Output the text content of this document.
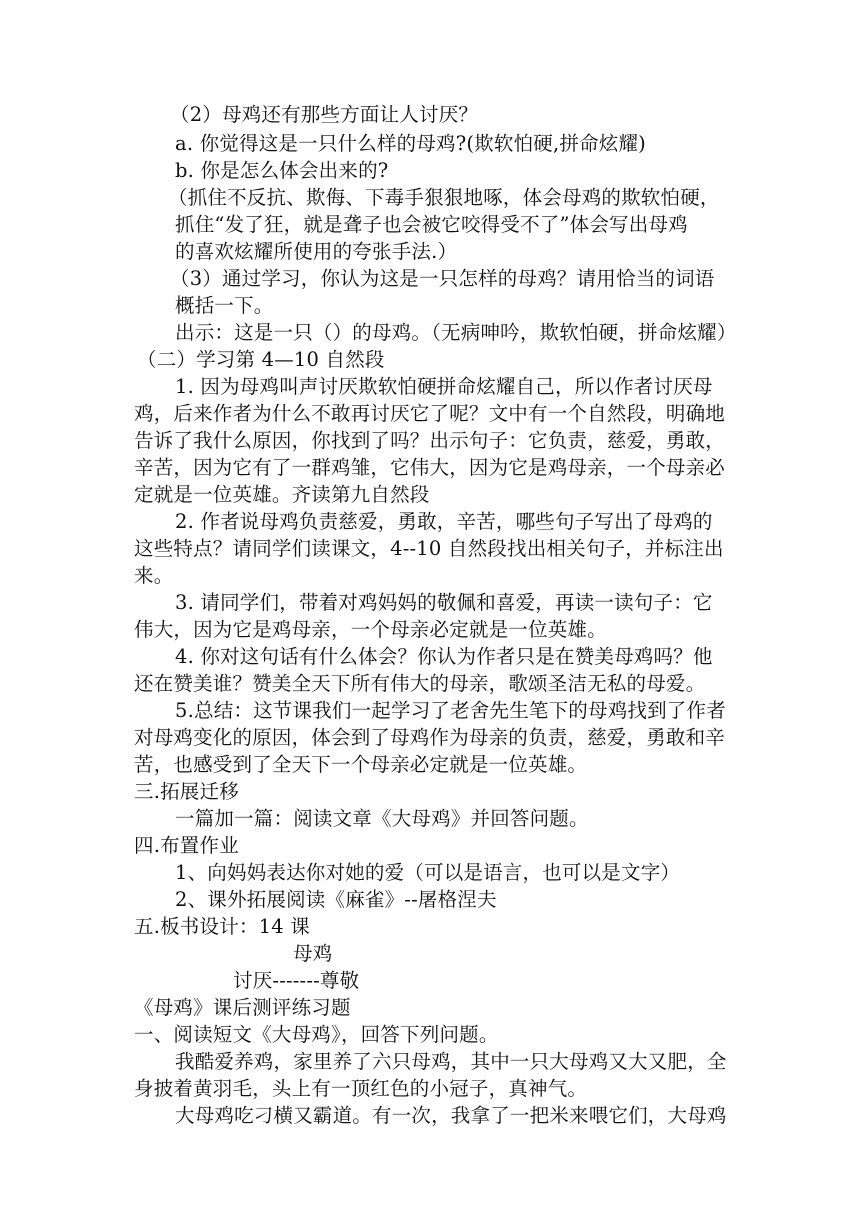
（2）母鸡还有那些方面让人讨厌？
a. 你觉得这是一只什么样的母鸡?(欺软怕硬,拼命炫耀)
b. 你是怎么体会出来的?
（抓住不反抗、欺侮、下毒手狠狠地啄，体会母鸡的欺软怕硬，
抓住“发了狂，就是聋子也会被它咬得受不了”体会写出母鸡
的喜欢炫耀所使用的夸张手法.）
（3）通过学习，你认为这是一只怎样的母鸡？请用恰当的词语
概括一下。
出示：这是一只（）的母鸡。（无病呻吟，欺软怕硬，拼命炫耀）
（二）学习第 4—10 自然段
1. 因为母鸡叫声讨厌欺软怕硬拼命炫耀自己，所以作者讨厌母
鸡，后来作者为什么不敢再讨厌它了呢？文中有一个自然段，明确地
告诉了我什么原因，你找到了吗？出示句子：它负责，慈爱，勇敢，
辛苦，因为它有了一群鸡雏，它伟大，因为它是鸡母亲，一个母亲必
定就是一位英雄。齐读第九自然段
2. 作者说母鸡负责慈爱，勇敢，辛苦，哪些句子写出了母鸡的
这些特点？请同学们读课文，4--10 自然段找出相关句子，并标注出
来。
3. 请同学们，带着对鸡妈妈的敬佩和喜爱，再读一读句子：它
伟大，因为它是鸡母亲，一个母亲必定就是一位英雄。
4. 你对这句话有什么体会？你认为作者只是在赞美母鸡吗？他
还在赞美谁？赞美全天下所有伟大的母亲，歌颂圣洁无私的母爱。
5.总结：这节课我们一起学习了老舍先生笔下的母鸡找到了作者
对母鸡变化的原因，体会到了母鸡作为母亲的负责，慈爱，勇敢和辛
苦，也感受到了全天下一个母亲必定就是一位英雄。
三.拓展迁移
一篇加一篇：阅读文章《大母鸡》并回答问题。
四.布置作业
1、向妈妈表达你对她的爱（可以是语言，也可以是文字）
2、课外拓展阅读《麻雀》--屠格涅夫
五.板书设计：14 课
母鸡
讨厌-------尊敬
《母鸡》课后测评练习题
一、阅读短文《大母鸡》，回答下列问题。
我酷爱养鸡，家里养了六只母鸡，其中一只大母鸡又大又肥，全
身披着黄羽毛，头上有一顶红色的小冠子，真神气。
大母鸡吃刁横又霸道。有一次，我拿了一把米来喂它们，大母鸡
